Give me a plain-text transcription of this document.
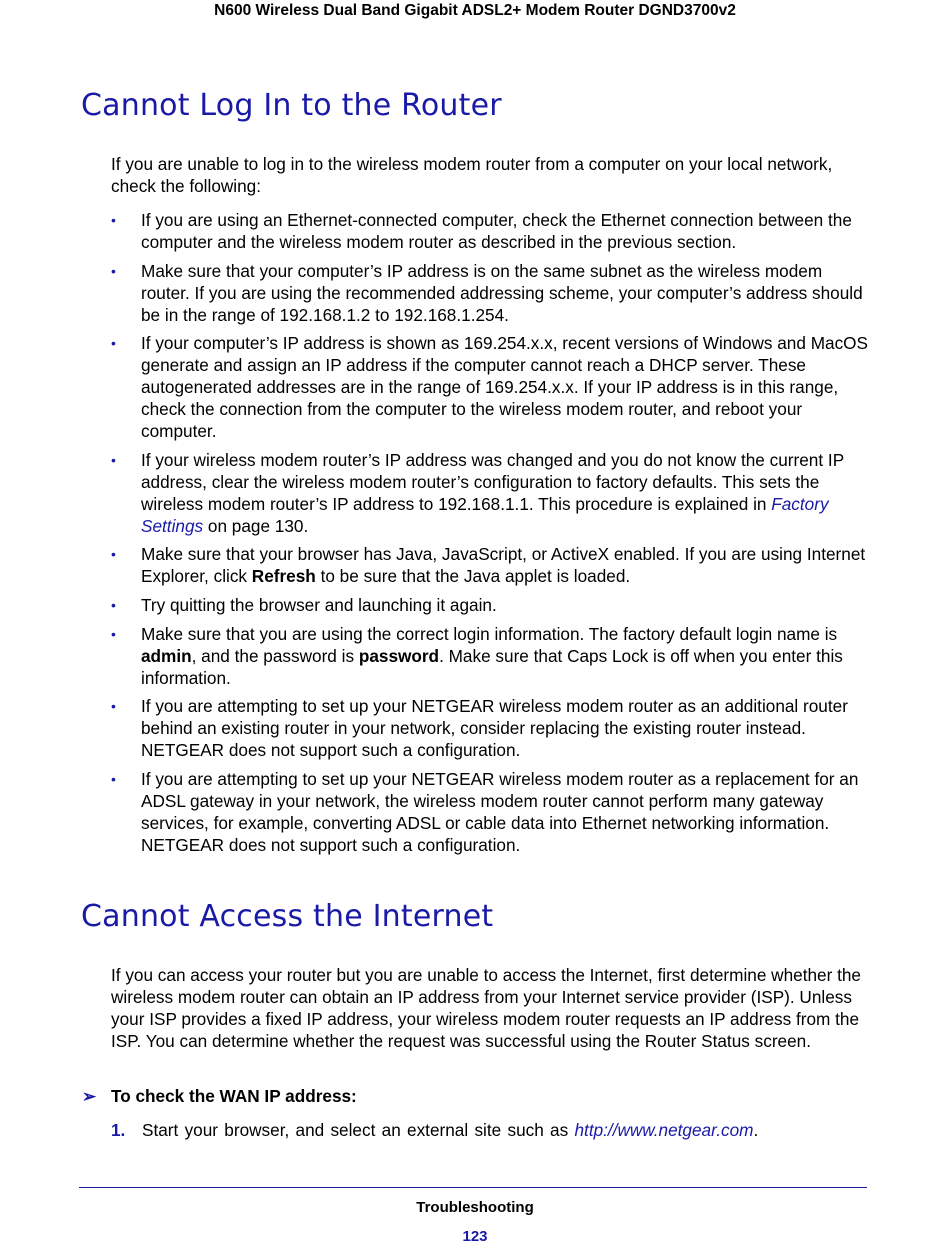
N600 Wireless Dual Band Gigabit ADSL2+ Modem Router DGND3700v2
Cannot Log In to the Router

If you are unable to log in to the wireless modem router from a computer on your local network, check the following:

• If you are using an Ethernet-connected computer, check the Ethernet connection between the computer and the wireless modem router as described in the previous section.
• Make sure that your computer’s IP address is on the same subnet as the wireless modem router. If you are using the recommended addressing scheme, your computer’s address should be in the range of 192.168.1.2 to 192.168.1.254.
• If your computer’s IP address is shown as 169.254.x.x, recent versions of Windows and MacOS generate and assign an IP address if the computer cannot reach a DHCP server. These autogenerated addresses are in the range of 169.254.x.x. If your IP address is in this range, check the connection from the computer to the wireless modem router, and reboot your computer.
• If your wireless modem router’s IP address was changed and you do not know the current IP address, clear the wireless modem router’s configuration to factory defaults. This sets the wireless modem router’s IP address to 192.168.1.1. This procedure is explained in Factory Settings on page 130.
• Make sure that your browser has Java, JavaScript, or ActiveX enabled. If you are using Internet Explorer, click Refresh to be sure that the Java applet is loaded.
• Try quitting the browser and launching it again.
• Make sure that you are using the correct login information. The factory default login name is admin, and the password is password. Make sure that Caps Lock is off when you enter this information.
• If you are attempting to set up your NETGEAR wireless modem router as an additional router behind an existing router in your network, consider replacing the existing router instead. NETGEAR does not support such a configuration.
• If you are attempting to set up your NETGEAR wireless modem router as a replacement for an ADSL gateway in your network, the wireless modem router cannot perform many gateway services, for example, converting ADSL or cable data into Ethernet networking information. NETGEAR does not support such a configuration.
Cannot Access the Internet

If you can access your router but you are unable to access the Internet, first determine whether the wireless modem router can obtain an IP address from your Internet service provider (ISP). Unless your ISP provides a fixed IP address, your wireless modem router requests an IP address from the ISP. You can determine whether the request was successful using the Router Status screen.

➢ To check the WAN IP address:
1. Start your browser, and select an external site such as http://www.netgear.com.
Troubleshooting
123
